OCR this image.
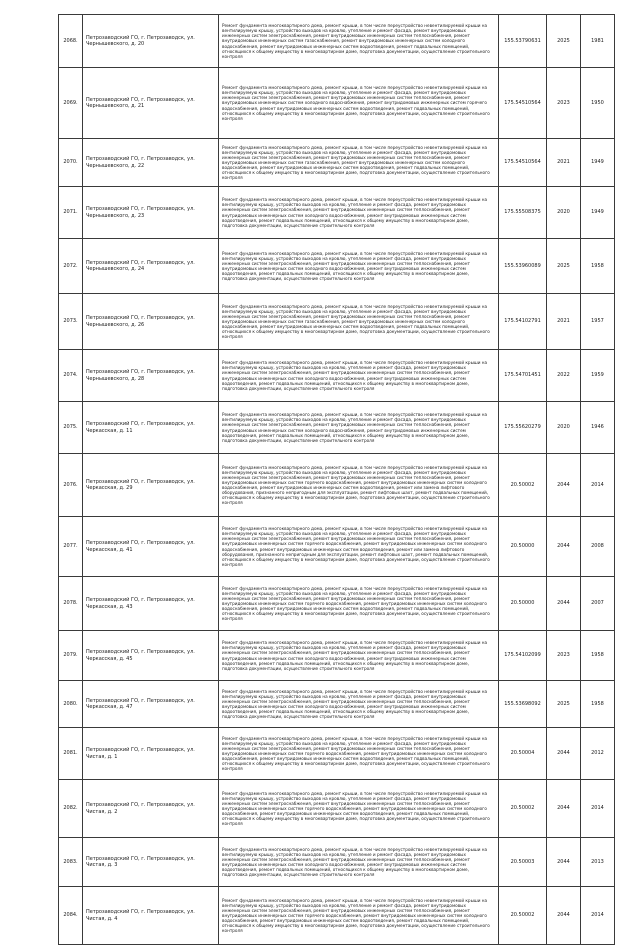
2068.	Петрозаводский ГО, г. Петрозаводск, ул. Чернышевского, д. 20	Ремонт фундамента многоквартирного дома, ремонт крыши, в том числе переустройство невентилируемой крыши на вентилируемую крышу, устройство выходов на кровлю, утепление и ремонт фасада, ремонт внутридомовых инженерных систем электроснабжения, ремонт внутридомовых инженерных систем теплоснабжения, ремонт внутридомовых инженерных систем газоснабжения, ремонт внутридомовых инженерных систем холодного водоснабжения, ремонт внутридомовых инженерных систем водоотведения, ремонт подвальных помещений, относящихся к общему имуществу в многоквартирном доме, подготовка документации, осуществление строительного контроля	155.53790631	2025	1981
2069.	Петрозаводский ГО, г. Петрозаводск, ул. Чернышевского, д. 21	Ремонт фундамента многоквартирного дома, ремонт крыши, в том числе переустройство невентилируемой крыши на вентилируемую крышу, устройство выходов на кровлю, утепление и ремонт фасада, ремонт внутридомовых инженерных систем электроснабжения, ремонт внутридомовых инженерных систем теплоснабжения, ремонт внутридомовых инженерных систем холодного водоснабжения, ремонт внутридомовых инженерных систем горячего водоснабжения, ремонт внутридомовых инженерных систем водоотведения, ремонт подвальных помещений, относящихся к общему имуществу в многоквартирном доме, подготовка документации, осуществление строительного контроля	175.54510564	2023	1950
2070.	Петрозаводский ГО, г. Петрозаводск, ул. Чернышевского, д. 22	Ремонт фундамента многоквартирного дома, ремонт крыши, в том числе переустройство невентилируемой крыши на вентилируемую крышу, устройство выходов на кровлю, утепление и ремонт фасада, ремонт внутридомовых инженерных систем электроснабжения, ремонт внутридомовых инженерных систем теплоснабжения, ремонт внутридомовых инженерных систем газоснабжения, ремонт внутридомовых инженерных систем холодного водоснабжения, ремонт внутридомовых инженерных систем водоотведения, ремонт подвальных помещений, относящихся к общему имуществу в многоквартирном доме, подготовка документации, осуществление строительного контроля	175.54510564	2021	1949
2071.	Петрозаводский ГО, г. Петрозаводск, ул. Чернышевского, д. 23	Ремонт фундамента многоквартирного дома, ремонт крыши, в том числе переустройство невентилируемой крыши на вентилируемую крышу, устройство выходов на кровлю, утепление и ремонт фасада, ремонт внутридомовых инженерных систем электроснабжения, ремонт внутридомовых инженерных систем теплоснабжения, ремонт внутридомовых инженерных систем холодного водоснабжения, ремонт внутридомовых инженерных систем водоотведения, ремонт подвальных помещений, относящихся к общему имуществу в многоквартирном доме, подготовка документации, осуществление строительного контроля	175.55508375	2020	1949
2072.	Петрозаводский ГО, г. Петрозаводск, ул. Чернышевского, д. 24	Ремонт фундамента многоквартирного дома, ремонт крыши, в том числе переустройство невентилируемой крыши на вентилируемую крышу, устройство выходов на кровлю, утепление и ремонт фасада, ремонт внутридомовых инженерных систем электроснабжения, ремонт внутридомовых инженерных систем теплоснабжения, ремонт внутридомовых инженерных систем холодного водоснабжения, ремонт внутридомовых инженерных систем водоотведения, ремонт подвальных помещений, относящихся к общему имуществу в многоквартирном доме, подготовка документации, осуществление строительного контроля	155.53960089	2025	1958
2073.	Петрозаводский ГО, г. Петрозаводск, ул. Чернышевского, д. 26	Ремонт фундамента многоквартирного дома, ремонт крыши, в том числе переустройство невентилируемой крыши на вентилируемую крышу, устройство выходов на кровлю, утепление и ремонт фасада, ремонт внутридомовых инженерных систем электроснабжения, ремонт внутридомовых инженерных систем теплоснабжения, ремонт внутридомовых инженерных систем газоснабжения, ремонт внутридомовых инженерных систем холодного водоснабжения, ремонт внутридомовых инженерных систем водоотведения, ремонт подвальных помещений, относящихся к общему имуществу в многоквартирном доме, подготовка документации, осуществление строительного контроля	175.54102791	2021	1957
2074.	Петрозаводский ГО, г. Петрозаводск, ул. Чернышевского, д. 28	Ремонт фундамента многоквартирного дома, ремонт крыши, в том числе переустройство невентилируемой крыши на вентилируемую крышу, устройство выходов на кровлю, утепление и ремонт фасада, ремонт внутридомовых инженерных систем электроснабжения, ремонт внутридомовых инженерных систем теплоснабжения, ремонт внутридомовых инженерных систем холодного водоснабжения, ремонт внутридомовых инженерных систем водоотведения, ремонт подвальных помещений, относящихся к общему имуществу в многоквартирном доме, подготовка документации, осуществление строительного контроля	175.54701451	2022	1959
2075.	Петрозаводский ГО, г. Петрозаводск, ул. Черкасская, д. 11	Ремонт фундамента многоквартирного дома, ремонт крыши, в том числе переустройство невентилируемой крыши на вентилируемую крышу, устройство выходов на кровлю, утепление и ремонт фасада, ремонт внутридомовых инженерных систем электроснабжения, ремонт внутридомовых инженерных систем теплоснабжения, ремонт внутридомовых инженерных систем холодного водоснабжения, ремонт внутридомовых инженерных систем водоотведения, ремонт подвальных помещений, относящихся к общему имуществу в многоквартирном доме, подготовка документации, осуществление строительного контроля	175.55620279	2020	1946
2076.	Петрозаводский ГО, г. Петрозаводск, ул. Черкасская, д. 29	Ремонт фундамента многоквартирного дома, ремонт крыши, в том числе переустройство невентилируемой крыши на вентилируемую крышу, устройство выходов на кровлю, утепление и ремонт фасада, ремонт внутридомовых инженерных систем электроснабжения, ремонт внутридомовых инженерных систем теплоснабжения, ремонт внутридомовых инженерных систем горячего водоснабжения, ремонт внутридомовых инженерных систем холодного водоснабжения, ремонт внутридомовых инженерных систем водоотведения, ремонт или замена лифтового оборудования, признанного непригодным для эксплуатации, ремонт лифтовых шахт, ремонт подвальных помещений, относящихся к общему имуществу в многоквартирном доме, подготовка документации, осуществление строительного контроля	20.50002	2044	2014
2077.	Петрозаводский ГО, г. Петрозаводск, ул. Черкасская, д. 41	Ремонт фундамента многоквартирного дома, ремонт крыши, в том числе переустройство невентилируемой крыши на вентилируемую крышу, устройство выходов на кровлю, утепление и ремонт фасада, ремонт внутридомовых инженерных систем электроснабжения, ремонт внутридомовых инженерных систем теплоснабжения, ремонт внутридомовых инженерных систем горячего водоснабжения, ремонт внутридомовых инженерных систем холодного водоснабжения, ремонт внутридомовых инженерных систем водоотведения, ремонт или замена лифтового оборудования, признанного непригодным для эксплуатации, ремонт лифтовых шахт, ремонт подвальных помещений, относящихся к общему имуществу в многоквартирном доме, подготовка документации, осуществление строительного контроля	20.50000	2044	2008
2078.	Петрозаводский ГО, г. Петрозаводск, ул. Черкасская, д. 43	Ремонт фундамента многоквартирного дома, ремонт крыши, в том числе переустройство невентилируемой крыши на вентилируемую крышу, устройство выходов на кровлю, утепление и ремонт фасада, ремонт внутридомовых инженерных систем электроснабжения, ремонт внутридомовых инженерных систем теплоснабжения, ремонт внутридомовых инженерных систем горячего водоснабжения, ремонт внутридомовых инженерных систем холодного водоснабжения, ремонт внутридомовых инженерных систем водоотведения, ремонт подвальных помещений, относящихся к общему имуществу в многоквартирном доме, подготовка документации, осуществление строительного контроля	20.50000	2044	2007
2079.	Петрозаводский ГО, г. Петрозаводск, ул. Черкасская, д. 45	Ремонт фундамента многоквартирного дома, ремонт крыши, в том числе переустройство невентилируемой крыши на вентилируемую крышу, устройство выходов на кровлю, утепление и ремонт фасада, ремонт внутридомовых инженерных систем электроснабжения, ремонт внутридомовых инженерных систем теплоснабжения, ремонт внутридомовых инженерных систем холодного водоснабжения, ремонт внутридомовых инженерных систем водоотведения, ремонт подвальных помещений, относящихся к общему имуществу в многоквартирном доме, подготовка документации, осуществление строительного контроля	175.54102099	2023	1958
2080.	Петрозаводский ГО, г. Петрозаводск, ул. Черкасская, д. 47	Ремонт фундамента многоквартирного дома, ремонт крыши, в том числе переустройство невентилируемой крыши на вентилируемую крышу, устройство выходов на кровлю, утепление и ремонт фасада, ремонт внутридомовых инженерных систем электроснабжения, ремонт внутридомовых инженерных систем теплоснабжения, ремонт внутридомовых инженерных систем холодного водоснабжения, ремонт внутридомовых инженерных систем водоотведения, ремонт подвальных помещений, относящихся к общему имуществу в многоквартирном доме, подготовка документации, осуществление строительного контроля	155.53698092	2025	1958
2081.	Петрозаводский ГО, г. Петрозаводск, ул. Чистая, д. 1	Ремонт фундамента многоквартирного дома, ремонт крыши, в том числе переустройство невентилируемой крыши на вентилируемую крышу, устройство выходов на кровлю, утепление и ремонт фасада, ремонт внутридомовых инженерных систем электроснабжения, ремонт внутридомовых инженерных систем теплоснабжения, ремонт внутридомовых инженерных систем горячего водоснабжения, ремонт внутридомовых инженерных систем холодного водоснабжения, ремонт внутридомовых инженерных систем водоотведения, ремонт подвальных помещений, относящихся к общему имуществу в многоквартирном доме, подготовка документации, осуществление строительного контроля	20.50004	2044	2012
2082.	Петрозаводский ГО, г. Петрозаводск, ул. Чистая, д. 2	Ремонт фундамента многоквартирного дома, ремонт крыши, в том числе переустройство невентилируемой крыши на вентилируемую крышу, устройство выходов на кровлю, утепление и ремонт фасада, ремонт внутридомовых инженерных систем электроснабжения, ремонт внутридомовых инженерных систем теплоснабжения, ремонт внутридомовых инженерных систем горячего водоснабжения, ремонт внутридомовых инженерных систем холодного водоснабжения, ремонт внутридомовых инженерных систем водоотведения, ремонт подвальных помещений, относящихся к общему имуществу в многоквартирном доме, подготовка документации, осуществление строительного контроля	20.50002	2044	2014
2083.	Петрозаводский ГО, г. Петрозаводск, ул. Чистая, д. 3	Ремонт фундамента многоквартирного дома, ремонт крыши, в том числе переустройство невентилируемой крыши на вентилируемую крышу, устройство выходов на кровлю, утепление и ремонт фасада, ремонт внутридомовых инженерных систем электроснабжения, ремонт внутридомовых инженерных систем теплоснабжения, ремонт внутридомовых инженерных систем холодного водоснабжения, ремонт внутридомовых инженерных систем водоотведения, ремонт подвальных помещений, относящихся к общему имуществу в многоквартирном доме, подготовка документации, осуществление строительного контроля	20.50003	2044	2013
2084.	Петрозаводский ГО, г. Петрозаводск, ул. Чистая, д. 4	Ремонт фундамента многоквартирного дома, ремонт крыши, в том числе переустройство невентилируемой крыши на вентилируемую крышу, устройство выходов на кровлю, утепление и ремонт фасада, ремонт внутридомовых инженерных систем электроснабжения, ремонт внутридомовых инженерных систем теплоснабжения, ремонт внутридомовых инженерных систем горячего водоснабжения, ремонт внутридомовых инженерных систем холодного водоснабжения, ремонт внутридомовых инженерных систем водоотведения, ремонт подвальных помещений, относящихся к общему имуществу в многоквартирном доме, подготовка документации, осуществление строительного контроля	20.50002	2044	2014
